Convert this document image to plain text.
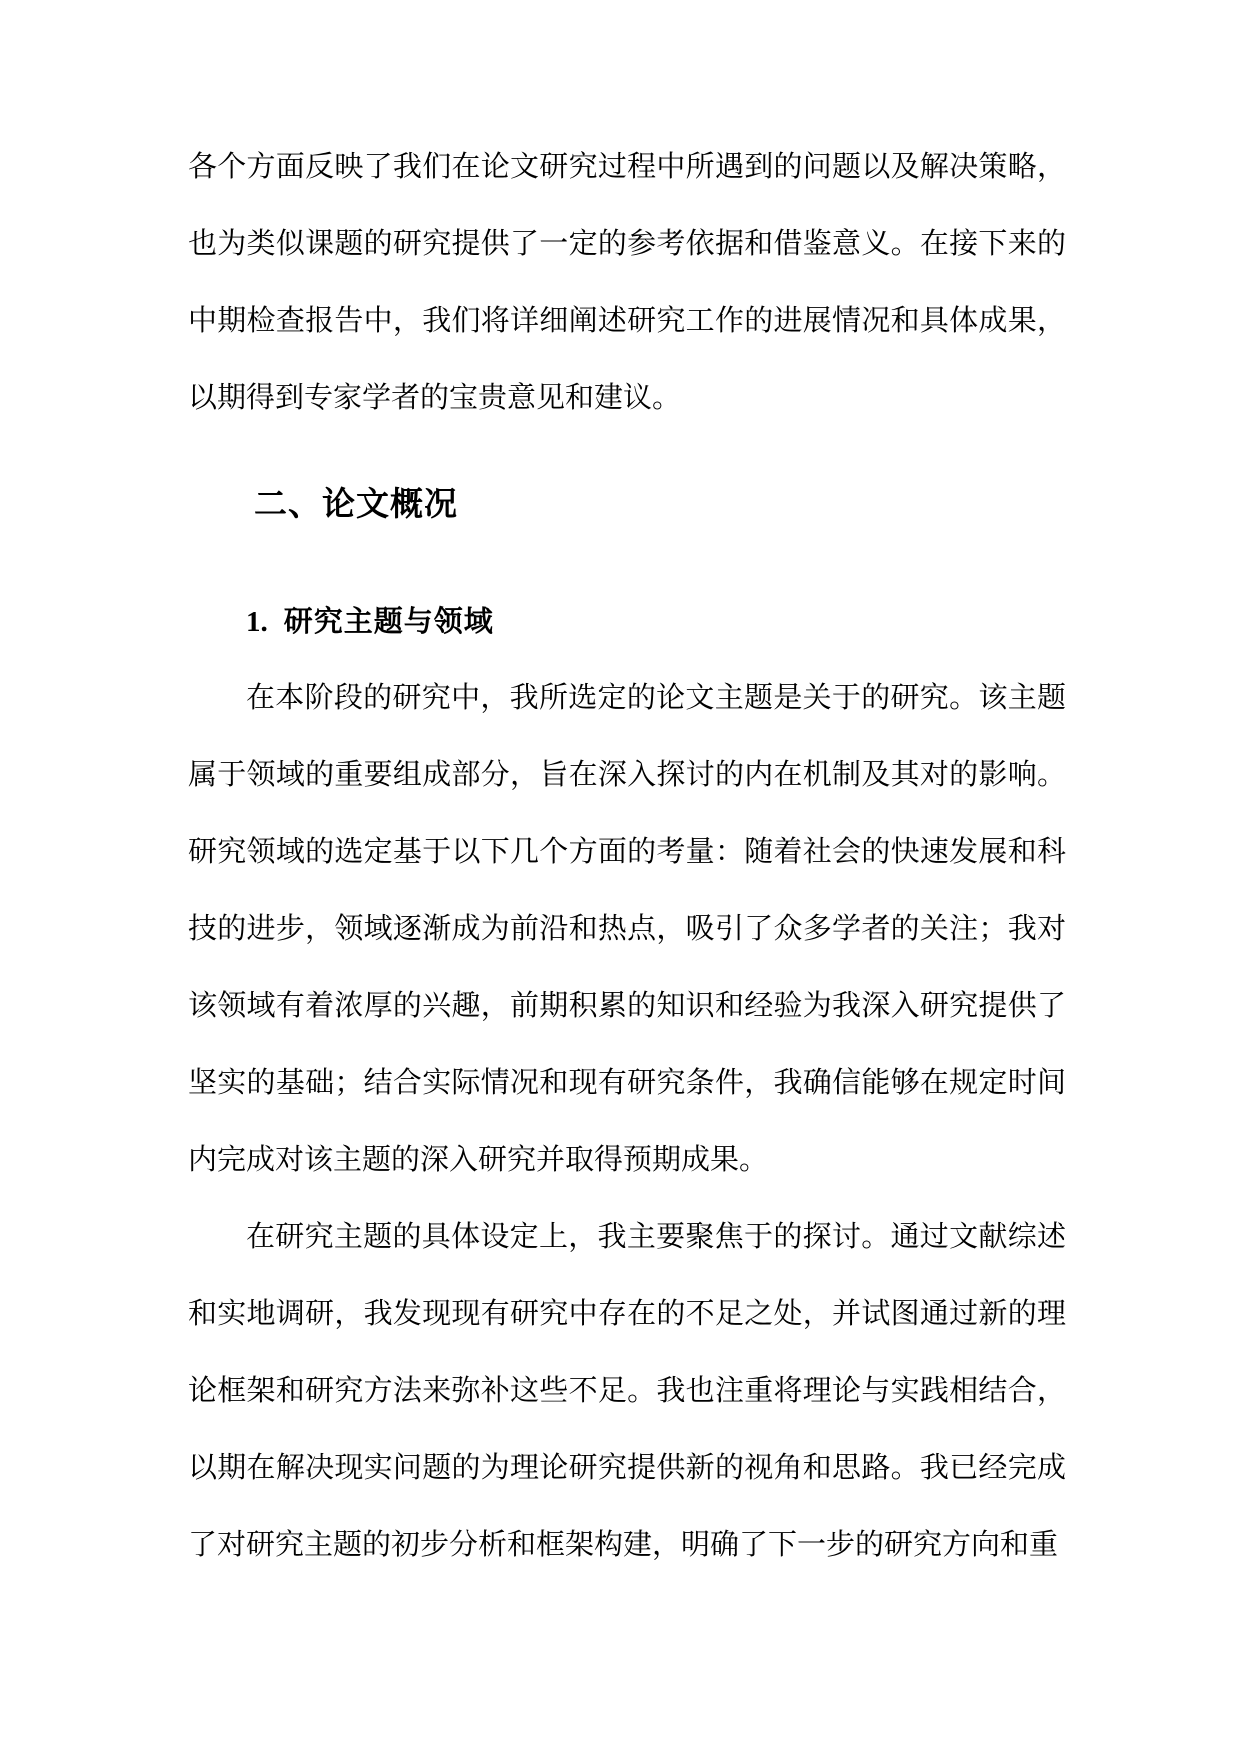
各个方面反映了我们在论文研究过程中所遇到的问题以及解决策略，也为类似课题的研究提供了一定的参考依据和借鉴意义。在接下来的中期检查报告中，我们将详细阐述研究工作的进展情况和具体成果，以期得到专家学者的宝贵意见和建议。

二、论文概况
1. 研究主题与领域

在本阶段的研究中，我所选定的论文主题是关于的研究。该主题属于领域的重要组成部分，旨在深入探讨的内在机制及其对的影响。研究领域的选定基于以下几个方面的考量：随着社会的快速发展和科技的进步，领域逐渐成为前沿和热点，吸引了众多学者的关注；我对该领域有着浓厚的兴趣，前期积累的知识和经验为我深入研究提供了坚实的基础；结合实际情况和现有研究条件，我确信能够在规定时间内完成对该主题的深入研究并取得预期成果。

在研究主题的具体设定上，我主要聚焦于的探讨。通过文献综述和实地调研，我发现现有研究中存在的不足之处，并试图通过新的理论框架和研究方法来弥补这些不足。我也注重将理论与实践相结合，以期在解决现实问题的为理论研究提供新的视角和思路。我已经完成了对研究主题的初步分析和框架构建，明确了下一步的研究方向和重
